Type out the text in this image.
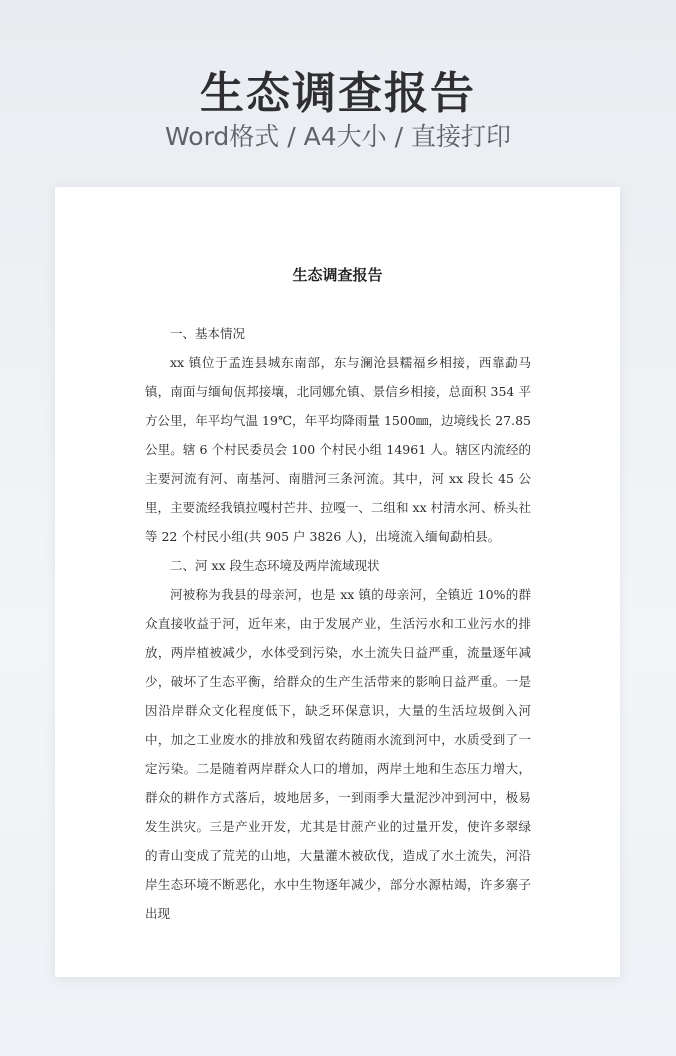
生态调查报告
Word格式 / A4大小 / 直接打印
生态调查报告

一、基本情况

xx 镇位于孟连县城东南部，东与澜沧县糯福乡相接，西靠勐马镇，南面与缅甸佤邦接壤，北同娜允镇、景信乡相接，总面积 354 平方公里，年平均气温 19℃，年平均降雨量 1500㎜，边境线长 27.85 公里。辖 6 个村民委员会 100 个村民小组 14961 人。辖区内流经的主要河流有河、南基河、南腊河三条河流。其中，河 xx 段长 45 公里，主要流经我镇拉嘎村芒井、拉嘎一、二组和 xx 村清水河、桥头社等 22 个村民小组(共 905 户 3826 人)，出境流入缅甸勐柏县。

二、河 xx 段生态环境及两岸流域现状

河被称为我县的母亲河，也是 xx 镇的母亲河，全镇近 10%的群众直接收益于河，近年来，由于发展产业，生活污水和工业污水的排放，两岸植被减少，水体受到污染，水土流失日益严重，流量逐年减少，破坏了生态平衡，给群众的生产生活带来的影响日益严重。一是因沿岸群众文化程度低下，缺乏环保意识，大量的生活垃圾倒入河中，加之工业废水的排放和残留农药随雨水流到河中，水质受到了一定污染。二是随着两岸群众人口的增加，两岸土地和生态压力增大，群众的耕作方式落后，坡地居多，一到雨季大量泥沙冲到河中，极易发生洪灾。三是产业开发，尤其是甘蔗产业的过量开发，使许多翠绿的青山变成了荒芜的山地，大量灌木被砍伐，造成了水土流失，河沿岸生态环境不断恶化，水中生物逐年减少，部分水源枯竭，许多寨子出现
